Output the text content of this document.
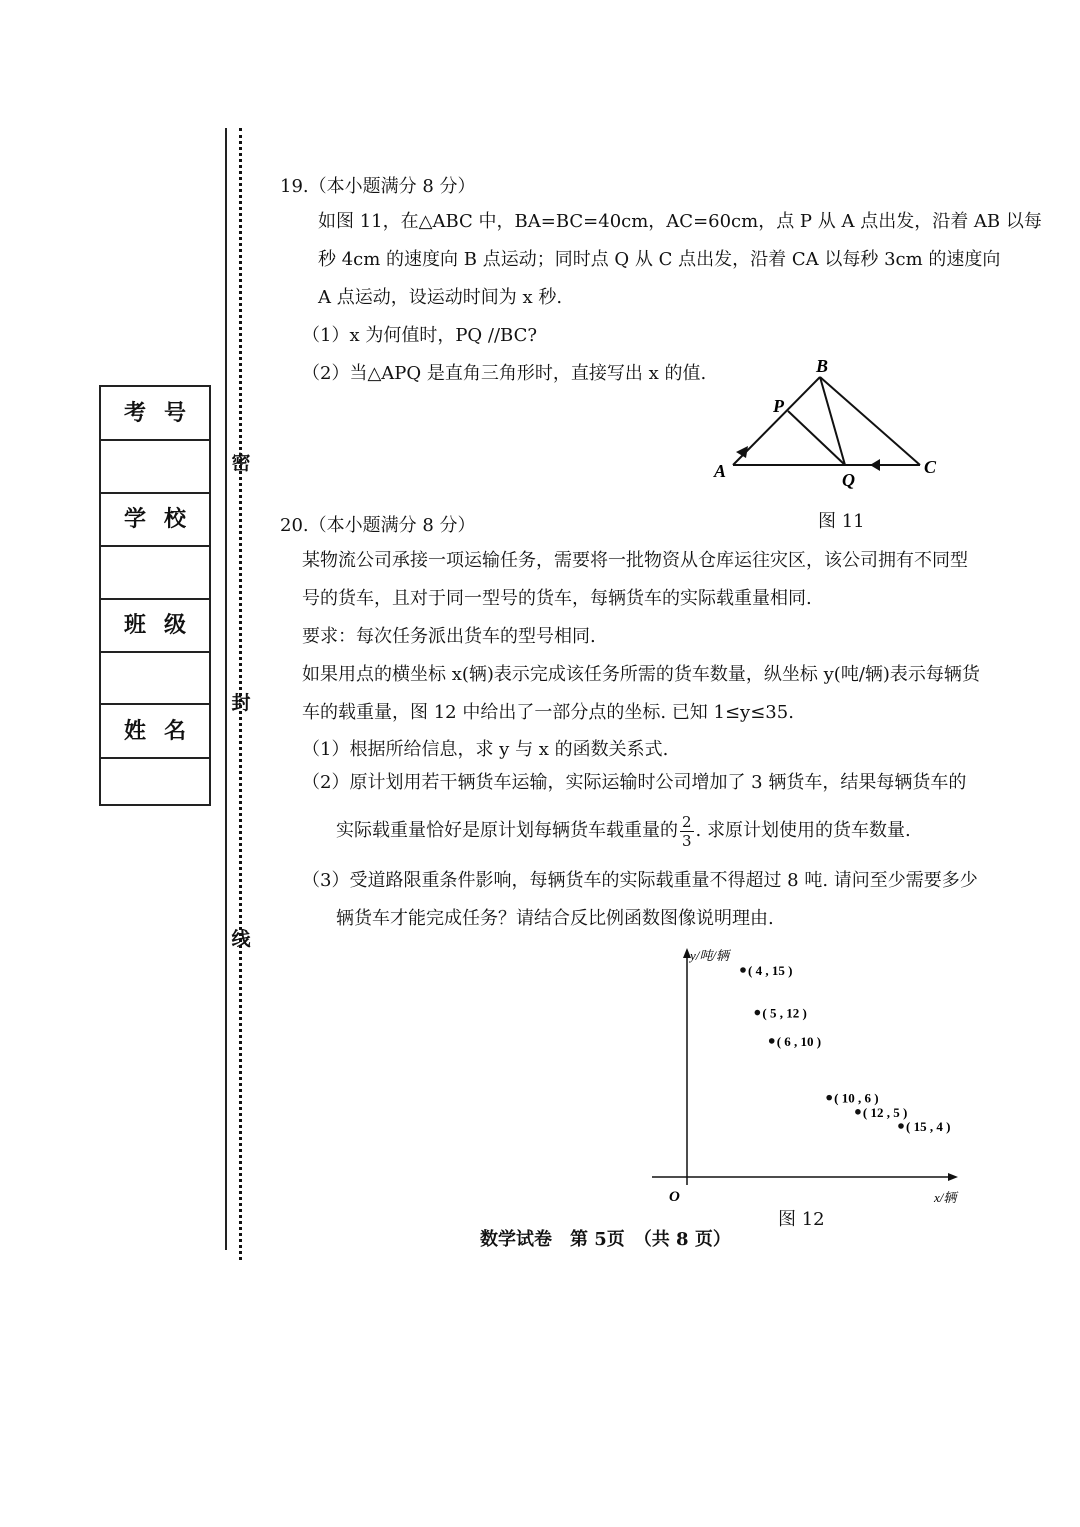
密
封
线
考号
学校
班级
姓名
19.（本小题满分 8 分）
如图 11，在△ABC 中，BA=BC=40cm，AC=60cm，点 P 从 A 点出发，沿着 AB 以每
秒 4cm 的速度向 B 点运动；同时点 Q 从 C 点出发，沿着 CA 以每秒 3cm 的速度向
A 点运动，设运动时间为 x 秒.
（1）x 为何值时，PQ //BC?
（2）当△APQ 是直角三角形时，直接写出 x 的值.
A
B
C
P
Q
图 11
20.（本小题满分 8 分）
某物流公司承接一项运输任务，需要将一批物资从仓库运往灾区，该公司拥有不同型
号的货车，且对于同一型号的货车，每辆货车的实际载重量相同.
要求：每次任务派出货车的型号相同.
如果用点的横坐标 x(辆)表示完成该任务所需的货车数量，纵坐标 y(吨/辆)表示每辆货
车的载重量，图 12 中给出了一部分点的坐标. 已知 1≤y≤35.
（1）根据所给信息，求 y 与 x 的函数关系式.
（2）原计划用若干辆货车运输，实际运输时公司增加了 3 辆货车，结果每辆货车的
实际载重量恰好是原计划每辆货车载重量的 $\frac{2}{3}$ . 求原计划使用的货车数量.
（3）受道路限重条件影响，每辆货车的实际载重量不得超过 8 吨. 请问至少需要多少
辆货车才能完成任务？请结合反比例函数图像说明理由.
y/吨/辆
x/辆
O
( 4 , 15 )
( 5 , 12 )
( 6 , 10 )
( 10 , 6 )
( 12 , 5 )
( 15 , 4 )
图 12
数学试卷　第 5页　（共 8 页）
